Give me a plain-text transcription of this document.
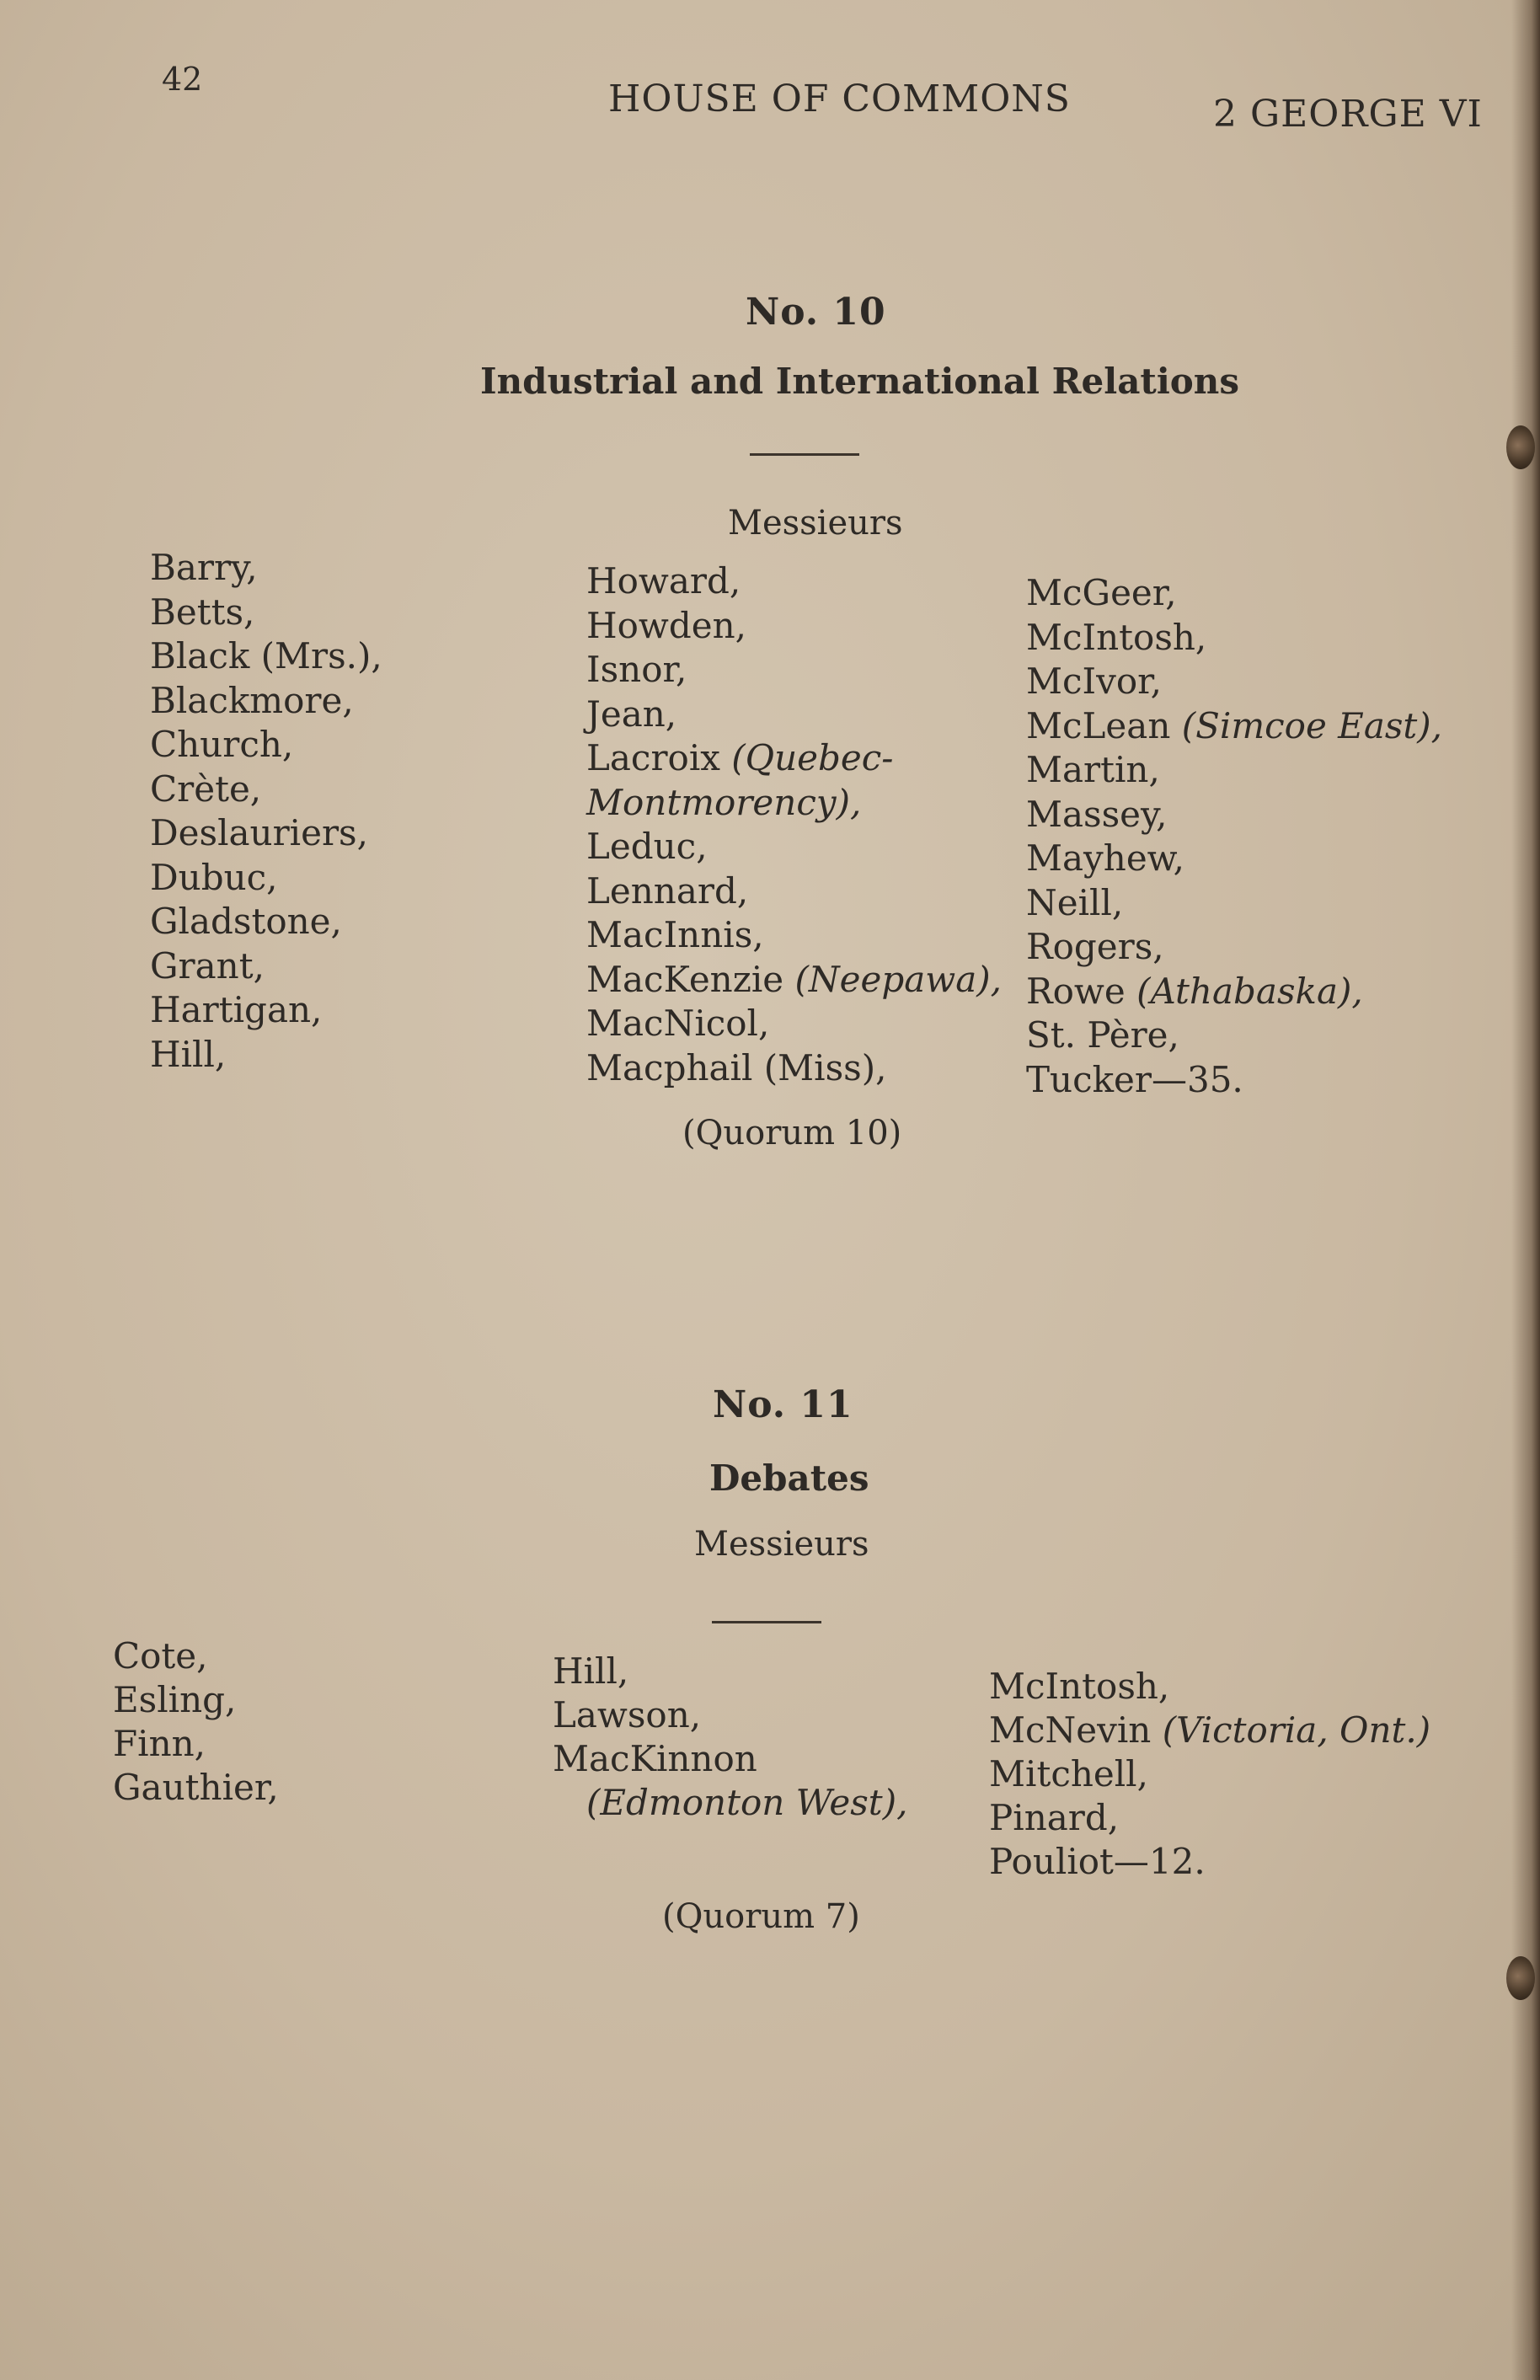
42	HOUSE OF COMMONS	2 GEORGE VI
No. 10
Industrial and International Relations
Messieurs
Barry,
Betts,
Black (Mrs.),
Blackmore,
Church,
Crète,
Deslauriers,
Dubuc,
Gladstone,
Grant,
Hartigan,
Hill,
Howard,
Howden,
Isnor,
Jean,
Lacroix (Quebec-
Montmorency),
Leduc,
Lennard,
MacInnis,
MacKenzie (Neepawa),
MacNicol,
Macphail (Miss),
McGeer,
McIntosh,
McIvor,
McLean (Simcoe East),
Martin,
Massey,
Mayhew,
Neill,
Rogers,
Rowe (Athabaska),
St. Père,
Tucker—35.
(Quorum 10)
No. 11
Debates
Messieurs
Cote,
Esling,
Finn,
Gauthier,
Hill,
Lawson,
MacKinnon
(Edmonton West),
McIntosh,
McNevin (Victoria, Ont.)
Mitchell,
Pinard,
Pouliot—12.
(Quorum 7)
